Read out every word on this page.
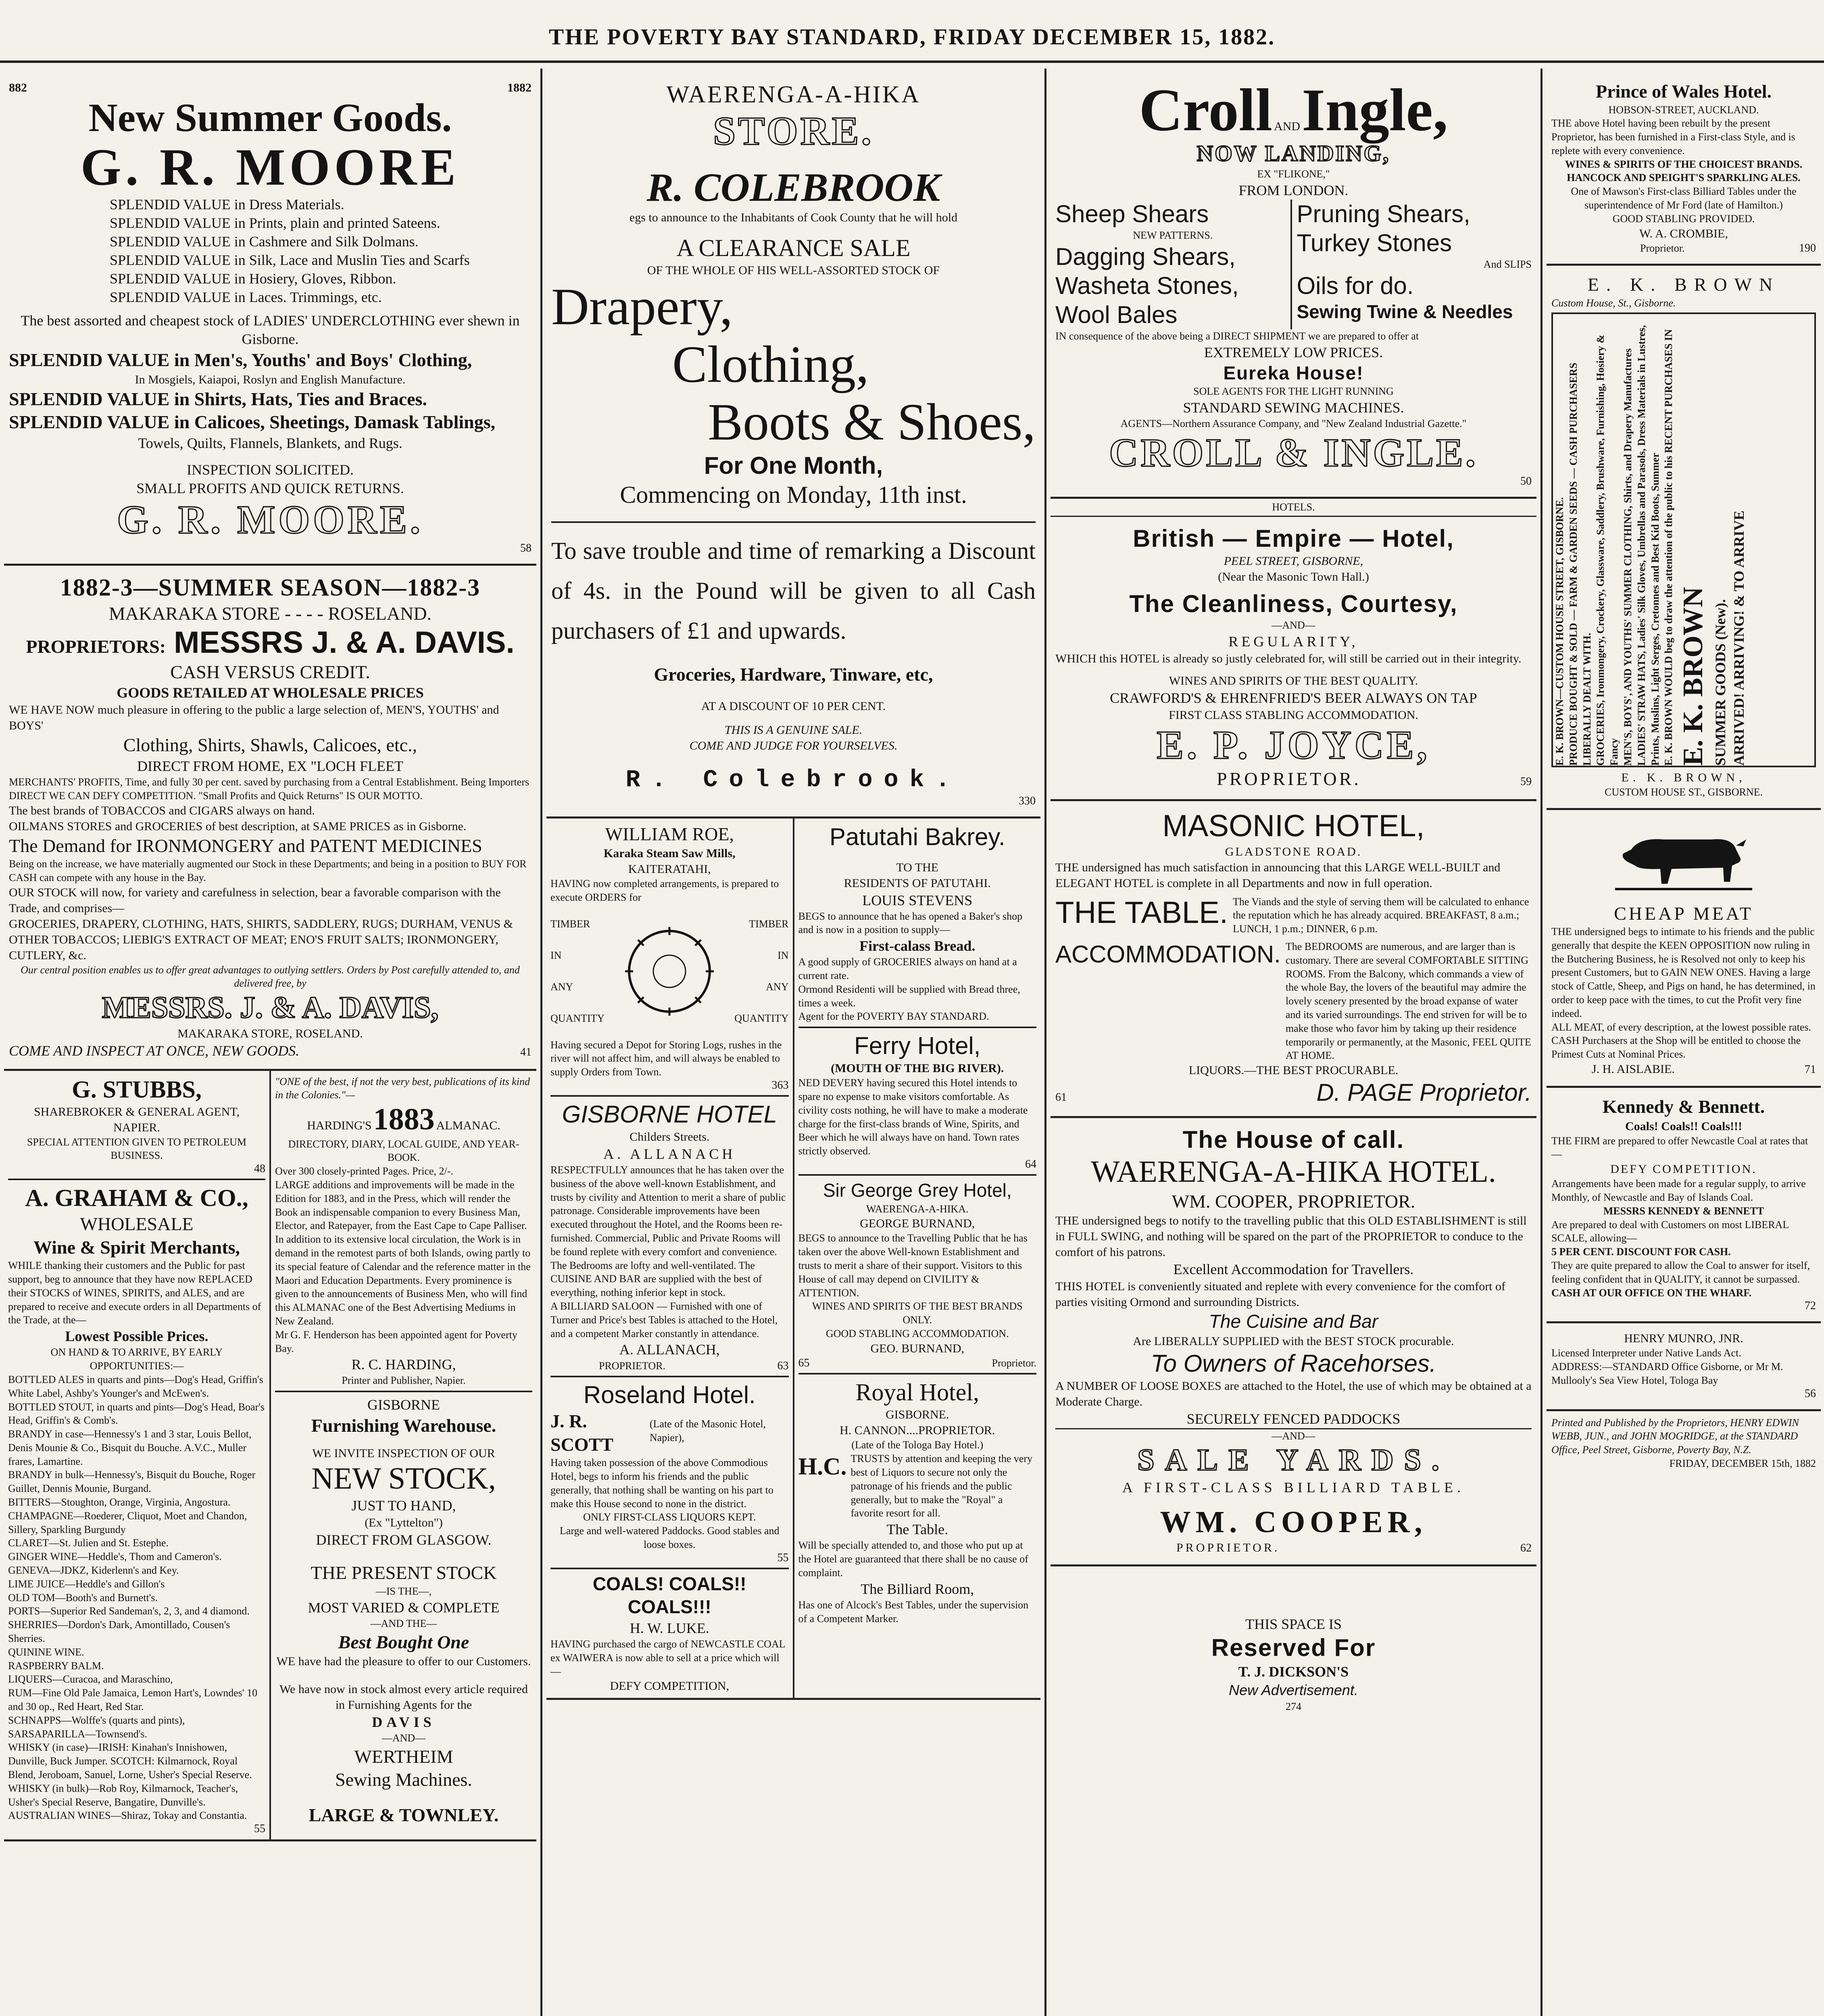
THE POVERTY BAY STANDARD, FRIDAY DECEMBER 15, 1882.
882	1882
New Summer Goods.
G. R. MOORE
SPLENDID VALUE in Dress Materials.
SPLENDID VALUE in Prints, plain and printed Sateens.
SPLENDID VALUE in Cashmere and Silk Dolmans.
SPLENDID VALUE in Silk, Lace and Muslin Ties and Scarfs
SPLENDID VALUE in Hosiery, Gloves, Ribbon.
SPLENDID VALUE in Laces. Trimmings, etc.
The best assorted and cheapest stock of LADIES' UNDERCLOTHING ever shewn in Gisborne.
SPLENDID VALUE in Men's, Youths' and Boys' Clothing,
In Mosgiels, Kaiapoi, Roslyn and English Manufacture.
SPLENDID VALUE in Shirts, Hats, Ties and Braces.
SPLENDID VALUE in Calicoes, Sheetings, Damask Tablings,
Towels, Quilts, Flannels, Blankets, and Rugs.
INSPECTION SOLICITED.
SMALL PROFITS AND QUICK RETURNS.
G. R. MOORE.
58
1882-3—SUMMER SEASON—1882-3
MAKARAKA STORE - - - - ROSELAND.
PROPRIETORS: MESSRS J. & A. DAVIS.
CASH VERSUS CREDIT.
GOODS RETAILED AT WHOLESALE PRICES
WE HAVE NOW much pleasure in offering to the public a large selection of, MEN'S, YOUTHS' and BOYS'
Clothing, Shirts, Shawls, Calicoes, etc.,
DIRECT FROM HOME, EX "LOCH FLEET
MERCHANTS' PROFITS, Time, and fully 30 per cent. saved by purchasing from a Central Establishment. Being Importers DIRECT WE CAN DEFY COMPETITION. "Small Profits and Quick Returns" IS OUR MOTTO.
The best brands of TOBACCOS and CIGARS always on hand.
OILMANS STORES and GROCERIES of best description, at SAME PRICES as in Gisborne.
The Demand for IRONMONGERY and PATENT MEDICINES
Being on the increase, we have materially augmented our Stock in these Departments; and being in a position to BUY FOR CASH can compete with any house in the Bay.
OUR STOCK will now, for variety and carefulness in selection, bear a favorable comparison with the Trade, and comprises—
GROCERIES, DRAPERY, CLOTHING, HATS, SHIRTS, SADDLERY, RUGS; DURHAM, VENUS & OTHER TOBACCOS; LIEBIG'S EXTRACT OF MEAT; ENO'S FRUIT SALTS; IRONMONGERY, CUTLERY, &c.
Our central position enables us to offer great advantages to outlying settlers. Orders by Post carefully attended to, and delivered free, by
MESSRS. J. & A. DAVIS,
MAKARAKA STORE, ROSELAND.
COME AND INSPECT AT ONCE, NEW GOODS.	41
G. STUBBS,
SHAREBROKER & GENERAL AGENT,
NAPIER.
SPECIAL ATTENTION GIVEN TO PETROLEUM BUSINESS.
48
A. GRAHAM & CO.,
WHOLESALE
Wine & Spirit Merchants,
WHILE thanking their customers and the Public for past support, beg to announce that they have now REPLACED their STOCKS of WINES, SPIRITS, and ALES, and are prepared to receive and execute orders in all Departments of the Trade, at the—
Lowest Possible Prices.
ON HAND & TO ARRIVE, BY EARLY OPPORTUNITIES:—
BOTTLED ALES in quarts and pints—Dog's Head, Griffin's White Label, Ashby's Younger's and McEwen's.
BOTTLED STOUT, in quarts and pints—Dog's Head, Boar's Head, Griffin's & Comb's.
BRANDY in case—Hennessy's 1 and 3 star, Louis Bellot, Denis Mounie & Co., Bisquit du Bouche. A.V.C., Muller frares, Lamartine.
BRANDY in bulk—Hennessy's, Bisquit du Bouche, Roger Guillet, Dennis Mounie, Burgand.
BITTERS—Stoughton, Orange, Virginia, Angostura.
CHAMPAGNE—Roederer, Cliquot, Moet and Chandon, Sillery, Sparkling Burgundy
CLARET—St. Julien and St. Estephe.
GINGER WINE—Heddle's, Thom and Cameron's.
GENEVA—JDKZ, Kiderlenn's and Key.
LIME JUICE—Heddle's and Gillon's
OLD TOM—Booth's and Burnett's.
PORTS—Superior Red Sandeman's, 2, 3, and 4 diamond.
SHERRIES—Dordon's Dark, Amontillado, Cousen's Sherries.
QUININE WINE.
RASPBERRY BALM.
LIQUERS—Curacoa, and Maraschino,
RUM—Fine Old Pale Jamaica, Lemon Hart's, Lowndes' 10 and 30 op., Red Heart, Red Star.
SCHNAPPS—Wolffe's (quarts and pints),
SARSAPARILLA—Townsend's.
WHISKY (in case)—IRISH: Kinahan's Innishowen, Dunville, Buck Jumper. SCOTCH: Kilmarnock, Royal Blend, Jeroboam, Sanuel, Lorne, Usher's Special Reserve.
WHISKY (in bulk)—Rob Roy, Kilmarnock, Teacher's, Usher's Special Reserve, Bangatire, Dunville's.
AUSTRALIAN WINES—Shiraz, Tokay and Constantia.
55
"ONE of the best, if not the very best, publications of its kind in the Colonies."—
HARDING'S 1883 ALMANAC.
DIRECTORY, DIARY, LOCAL GUIDE, AND YEAR-BOOK.
Over 300 closely-printed Pages. Price, 2/-.
LARGE additions and improvements will be made in the Edition for 1883, and in the Press, which will render the Book an indispensable companion to every Business Man, Elector, and Ratepayer, from the East Cape to Cape Palliser. In addition to its extensive local circulation, the Work is in demand in the remotest parts of both Islands, owing partly to its special feature of Calendar and the reference matter in the Maori and Education Departments. Every prominence is given to the announcements of Business Men, who will find this ALMANAC one of the Best Advertising Mediums in New Zealand.
Mr G. F. Henderson has been appointed agent for Poverty Bay.
R. C. HARDING,
Printer and Publisher, Napier.
GISBORNE
Furnishing Warehouse.
WE INVITE INSPECTION OF OUR
NEW STOCK,
JUST TO HAND,
(Ex "Lyttelton")
DIRECT FROM GLASGOW.
THE PRESENT STOCK
—IS THE—,
MOST VARIED & COMPLETE
—AND THE—
Best Bought One
WE have had the pleasure to offer to our Customers.
We have now in stock almost every article required in Furnishing Agents for the
DAVIS
—AND—
WERTHEIM
Sewing Machines.
LARGE & TOWNLEY.
WAERENGA-A-HIKA
STORE.
R. COLEBROOK
egs to announce to the Inhabitants of Cook County that he will hold
A CLEARANCE SALE
OF THE WHOLE OF HIS WELL-ASSORTED STOCK OF
Drapery,
Clothing,
Boots & Shoes,
For One Month,
Commencing on Monday, 11th inst.
To save trouble and time of remarking a Discount of 4s. in the Pound will be given to all Cash purchasers of £1 and upwards.
Groceries, Hardware, Tinware, etc,
AT A DISCOUNT OF 10 PER CENT.
THIS IS A GENUINE SALE.
COME AND JUDGE FOR YOURSELVES.
R. Colebrook.
330
WILLIAM ROE,
Karaka Steam Saw Mills,
KAITERATAHI,
HAVING now completed arrangements, is prepared to execute ORDERS for
TIMBER
IN
ANY
QUANTITY
TIMBER
IN
ANY
QUANTITY
Having secured a Depot for Storing Logs, rushes in the river will not affect him, and will always be enabled to supply Orders from Town.
363
GISBORNE HOTEL
Childers Streets.
A. ALLANACH
RESPECTFULLY announces that he has taken over the business of the above well-known Establishment, and trusts by civility and Attention to merit a share of public patronage. Considerable improvements have been executed throughout the Hotel, and the Rooms been re-furnished. Commercial, Public and Private Rooms will be found replete with every comfort and convenience. The Bedrooms are lofty and well-ventilated. The CUISINE AND BAR are supplied with the best of everything, nothing inferior kept in stock.
A BILLIARD SALOON — Furnished with one of Turner and Price's best Tables is attached to the Hotel, and a competent Marker constantly in attendance.
A. ALLANACH,
PROPRIETOR.	63
Roseland Hotel.
J. R. SCOTT
(Late of the Masonic Hotel, Napier),
Having taken possession of the above Commodious Hotel, begs to inform his friends and the public generally, that nothing shall be wanting on his part to make this House second to none in the district.
ONLY FIRST-CLASS LIQUORS KEPT.
Large and well-watered Paddocks. Good stables and loose boxes.
55
COALS! COALS!! COALS!!!
H. W. LUKE.
HAVING purchased the cargo of NEWCASTLE COAL ex WAIWERA is now able to sell at a price which will—
DEFY COMPETITION,
Patutahi Bakrey.
TO THE
RESIDENTS OF PATUTAHI.
LOUIS STEVENS
BEGS to announce that he has opened a Baker's shop and is now in a position to supply—
First-calass Bread.
A good supply of GROCERIES always on hand at a current rate.
Ormond Residenti will be supplied with Bread three, times a week.
Agent for the POVERTY BAY STANDARD.
Ferry Hotel,
(MOUTH OF THE BIG RIVER).
NED DEVERY having secured this Hotel intends to spare no expense to make visitors comfortable. As civility costs nothing, he will have to make a moderate charge for the first-class brands of Wine, Spirits, and Beer which he will always have on hand. Town rates strictly observed.
64
Sir George Grey Hotel,
WAERENGA-A-HIKA.
GEORGE BURNAND,
BEGS to announce to the Travelling Public that he has taken over the above Well-known Establishment and trusts to merit a share of their support. Visitors to this House of call may depend on CIVILITY & ATTENTION.
WINES AND SPIRITS OF THE BEST BRANDS ONLY.
GOOD STABLING ACCOMMODATION.
GEO. BURNAND,
65	Proprietor.
Royal Hotel,
GISBORNE.
H. CANNON....PROPRIETOR.
(Late of the Tologa Bay Hotel.)
H.C. TRUSTS by attention and keeping the very best of Liquors to secure not only the patronage of his friends and the public generally, but to make the "Royal" a favorite resort for all.
The Table.
Will be specially attended to, and those who put up at the Hotel are guaranteed that there shall be no cause of complaint.
The Billiard Room,
Has one of Alcock's Best Tables, under the supervision of a Competent Marker.
Croll AND Ingle,
NOW LANDING,
EX "FLIKONE,"
FROM LONDON.
Sheep Shears
NEW PATTERNS.
Dagging Shears,
Washeta Stones,
Wool Bales
Pruning Shears,
Turkey Stones
And SLIPS
Oils for do.
Sewing Twine & Needles
IN consequence of the above being a DIRECT SHIPMENT we are prepared to offer at
EXTREMELY LOW PRICES.
Eureka House!
SOLE AGENTS FOR THE LIGHT RUNNING
STANDARD SEWING MACHINES.
AGENTS—Northern Assurance Company, and "New Zealand Industrial Gazette."
CROLL & INGLE.
50
HOTELS.
British — Empire — Hotel,
PEEL STREET, GISBORNE,
(Near the Masonic Town Hall.)
The Cleanliness, Courtesy,
—AND—
REGULARITY,
WHICH this HOTEL is already so justly celebrated for, will still be carried out in their integrity.
WINES AND SPIRITS OF THE BEST QUALITY.
CRAWFORD'S & EHRENFRIED'S BEER ALWAYS ON TAP
FIRST CLASS STABLING ACCOMMODATION.
E. P. JOYCE,
PROPRIETOR.	59
MASONIC HOTEL,
GLADSTONE ROAD.
THE undersigned has much satisfaction in announcing that this LARGE WELL-BUILT and ELEGANT HOTEL is complete in all Departments and now in full operation.
THE TABLE. The Viands and the style of serving them will be calculated to enhance the reputation which he has already acquired. BREAKFAST, 8 a.m.; LUNCH, 1 p.m.; DINNER, 6 p.m.
ACCOMMODATION. The BEDROOMS are numerous, and are larger than is customary. There are several COMFORTABLE SITTING ROOMS. From the Balcony, which commands a view of the whole Bay, the lovers of the beautiful may admire the lovely scenery presented by the broad expanse of water and its varied surroundings. The end striven for will be to make those who favor him by taking up their residence temporarily or permanently, at the Masonic, FEEL QUITE AT HOME.
LIQUORS.—THE BEST PROCURABLE.
61	D. PAGE Proprietor.
The House of call.
WAERENGA-A-HIKA HOTEL.
WM. COOPER, PROPRIETOR.
THE undersigned begs to notify to the travelling public that this OLD ESTABLISHMENT is still in FULL SWING, and nothing will be spared on the part of the PROPRIETOR to conduce to the comfort of his patrons.
Excellent Accommodation for Travellers.
THIS HOTEL is conveniently situated and replete with every convenience for the comfort of parties visiting Ormond and surrounding Districts.
The Cuisine and Bar
Are LIBERALLY SUPPLIED with the BEST STOCK procurable.
To Owners of Racehorses.
A NUMBER OF LOOSE BOXES are attached to the Hotel, the use of which may be obtained at a Moderate Charge.
SECURELY FENCED PADDOCKS
—AND—
SALE YARDS.
A FIRST-CLASS BILLIARD TABLE.
WM. COOPER,
PROPRIETOR.	62
THIS SPACE IS
Reserved For
T. J. DICKSON'S
New Advertisement.
274
Prince of Wales Hotel.
HOBSON-STREET, AUCKLAND.
THE above Hotel having been rebuilt by the present Proprietor, has been furnished in a First-class Style, and is replete with every convenience.
WINES & SPIRITS OF THE CHOICEST BRANDS.
HANCOCK AND SPEIGHT'S SPARKLING ALES.
One of Mawson's First-class Billiard Tables under the superintendence of Mr Ford (late of Hamilton.)
GOOD STABLING PROVIDED.
W. A. CROMBIE,
Proprietor.	190
E. K. BROWN
Custom House, St., Gisborne.
E. K. BROWN—CUSTOM HOUSE STREET, GISBORNE. PRODUCE BOUGHT & SOLD — FARM & GARDEN SEEDS — CASH PURCHASERS LIBERALLY DEALT WITH. GROCERIES, Ironmongery, Crockery, Glassware, Saddlery, Brushware, Furnishing, Hosiery & Fancy MEN'S, BOYS', AND YOUTHS' SUMMER CLOTHING, Shirts, and Drapery Manufactures LADIES' STRAW HATS, Ladies' Silk Gloves, Umbrellas and Parasols, Dress Materials in Lustres, Prints, Muslins, Light Serges, Cretonnes and Best Kid Boots, Summer E. K. BROWN WOULD beg to draw the attention of the public to his RECENT PURCHASES IN E. K. BROWN SUMMER GOODS (New). ARRIVED! ARRIVING! & TO ARRIVE
E. K. BROWN,
CUSTOM HOUSE ST., GISBORNE.
CHEAP MEAT
THE undersigned begs to intimate to his friends and the public generally that despite the KEEN OPPOSITION now ruling in the Butchering Business, he is Resolved not only to keep his present Customers, but to GAIN NEW ONES. Having a large stock of Cattle, Sheep, and Pigs on hand, he has determined, in order to keep pace with the times, to cut the Profit very fine indeed.
ALL MEAT, of every description, at the lowest possible rates.
CASH Purchasers at the Shop will be entitled to choose the Primest Cuts at Nominal Prices.
J. H. AISLABIE.	71
Kennedy & Bennett.
Coals! Coals!! Coals!!!
THE FIRM are prepared to offer Newcastle Coal at rates that—
DEFY COMPETITION.
Arrangements have been made for a regular supply, to arrive Monthly, of Newcastle and Bay of Islands Coal.
MESSRS KENNEDY & BENNETT
Are prepared to deal with Customers on most LIBERAL SCALE, allowing—
5 PER CENT. DISCOUNT FOR CASH.
They are quite prepared to allow the Coal to answer for itself, feeling confident that in QUALITY, it cannot be surpassed.
CASH AT OUR OFFICE ON THE WHARF.
72
HENRY MUNRO, JNR.
Licensed Interpreter under Native Lands Act.
ADDRESS:—STANDARD Office Gisborne, or Mr M. Mullooly's Sea View Hotel, Tologa Bay
56
Printed and Published by the Proprietors, HENRY EDWIN WEBB, JUN., and JOHN MOGRIDGE, at the STANDARD Office, Peel Street, Gisborne, Poverty Bay, N.Z.
FRIDAY, DECEMBER 15th, 1882
